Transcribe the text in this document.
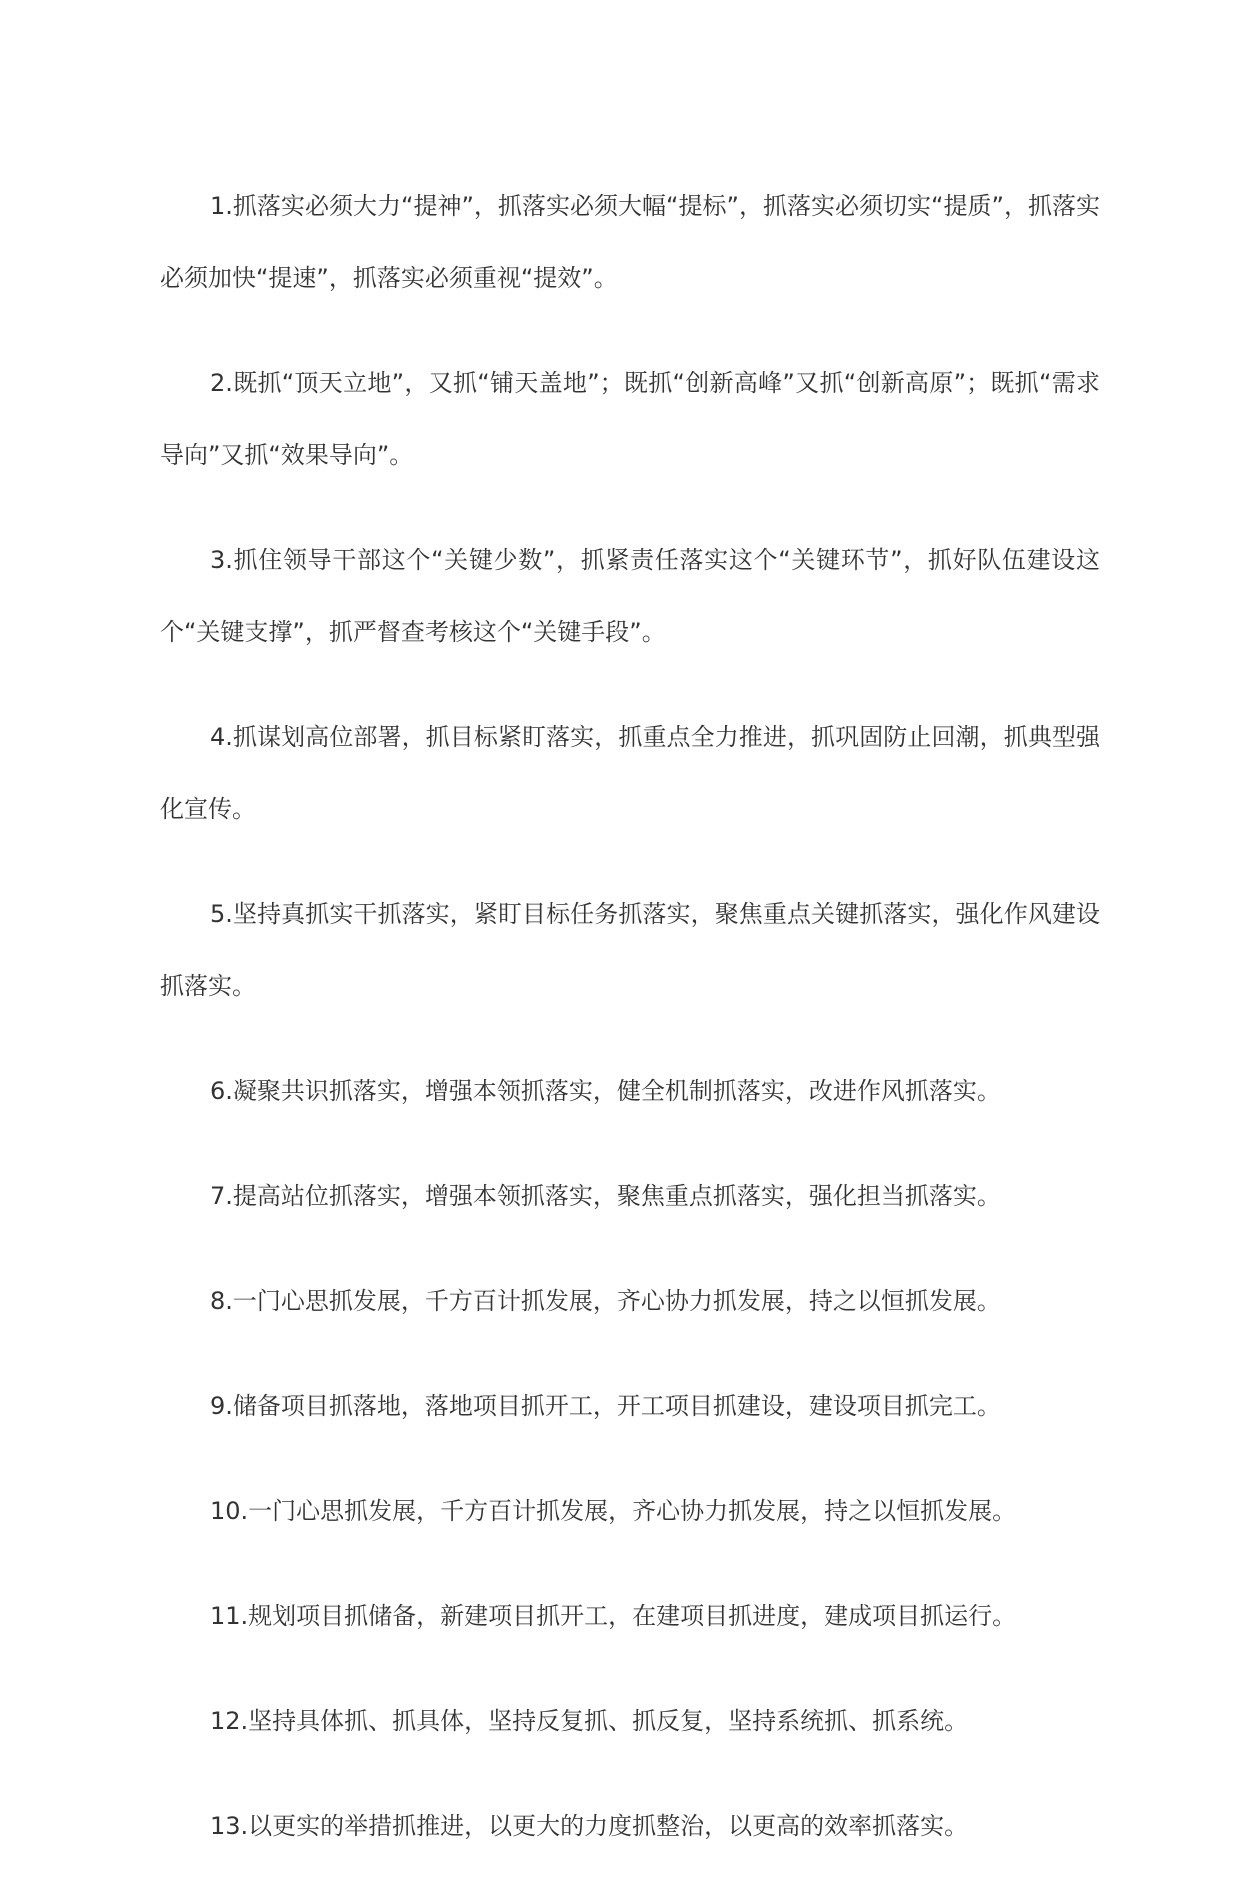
1.抓落实必须大力“提神”，抓落实必须大幅“提标”，抓落实必须切实“提质”，抓落实必须加快“提速”，抓落实必须重视“提效”。

2.既抓“顶天立地”，又抓“铺天盖地”；既抓“创新高峰”又抓“创新高原”；既抓“需求导向”又抓“效果导向”。

3.抓住领导干部这个“关键少数”，抓紧责任落实这个“关键环节”，抓好队伍建设这个“关键支撑”，抓严督查考核这个“关键手段”。

4.抓谋划高位部署，抓目标紧盯落实，抓重点全力推进，抓巩固防止回潮，抓典型强化宣传。

5.坚持真抓实干抓落实，紧盯目标任务抓落实，聚焦重点关键抓落实，强化作风建设抓落实。

6.凝聚共识抓落实，增强本领抓落实，健全机制抓落实，改进作风抓落实。

7.提高站位抓落实，增强本领抓落实，聚焦重点抓落实，强化担当抓落实。

8.一门心思抓发展，千方百计抓发展，齐心协力抓发展，持之以恒抓发展。

9.储备项目抓落地，落地项目抓开工，开工项目抓建设，建设项目抓完工。

10.一门心思抓发展，千方百计抓发展，齐心协力抓发展，持之以恒抓发展。

11.规划项目抓储备，新建项目抓开工，在建项目抓进度，建成项目抓运行。

12.坚持具体抓、抓具体，坚持反复抓、抓反复，坚持系统抓、抓系统。

13.以更实的举措抓推进，以更大的力度抓整治，以更高的效率抓落实。
